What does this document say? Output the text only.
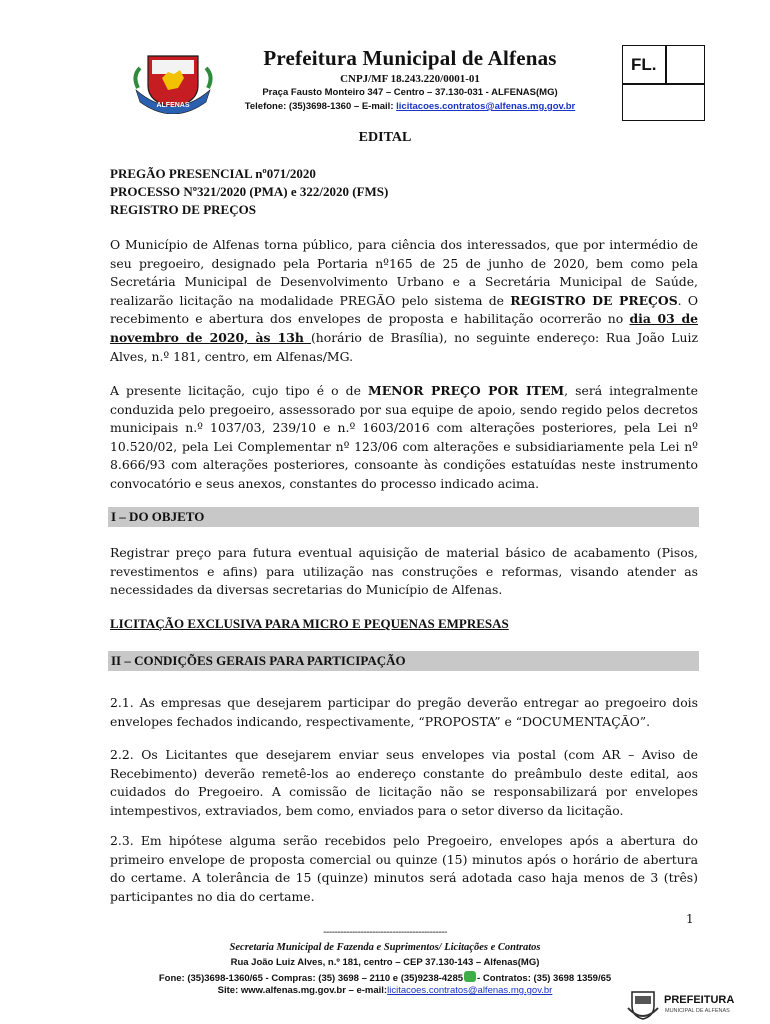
ALFENAS
Prefeitura Municipal de Alfenas
CNPJ/MF 18.243.220/0001-01
Praça Fausto Monteiro 347 – Centro – 37.130-031 - ALFENAS(MG)
Telefone: (35)3698-1360 – E-mail: licitacoes.contratos@alfenas.mg.gov.br
FL.
EDITAL
PREGÃO PRESENCIAL nº071/2020
PROCESSO Nº321/2020 (PMA) e 322/2020 (FMS)
REGISTRO DE PREÇOS
O Município de Alfenas torna público, para ciência dos interessados, que por intermédio de seu pregoeiro, designado pela Portaria nº165 de 25 de junho de 2020, bem como pela Secretária Municipal de Desenvolvimento Urbano e a Secretária Municipal de Saúde, realizarão licitação na modalidade PREGÃO pelo sistema de REGISTRO DE PREÇOS. O recebimento e abertura dos envelopes de proposta e habilitação ocorrerão no dia 03 de novembro de 2020, às 13h (horário de Brasília), no seguinte endereço: Rua João Luiz Alves, n.º 181, centro, em Alfenas/MG.
A presente licitação, cujo tipo é o de MENOR PREÇO POR ITEM, será integralmente conduzida pelo pregoeiro, assessorado por sua equipe de apoio, sendo regido pelos decretos municipais n.º 1037/03, 239/10 e n.º 1603/2016 com alterações posteriores, pela Lei nº 10.520/02, pela Lei Complementar nº 123/06 com alterações e subsidiariamente pela Lei nº 8.666/93 com alterações posteriores, consoante às condições estatuídas neste instrumento convocatório e seus anexos, constantes do processo indicado acima.
I – DO OBJETO
Registrar preço para futura eventual aquisição de material básico de acabamento (Pisos, revestimentos e afins) para utilização nas construções e reformas, visando atender as necessidades da diversas secretarias do Município de Alfenas.
LICITAÇÃO EXCLUSIVA PARA MICRO E PEQUENAS EMPRESAS
II – CONDIÇÕES GERAIS PARA PARTICIPAÇÃO
2.1. As empresas que desejarem participar do pregão deverão entregar ao pregoeiro dois envelopes fechados indicando, respectivamente, “PROPOSTA” e “DOCUMENTAÇÃO”.
2.2. Os Licitantes que desejarem enviar seus envelopes via postal (com AR – Aviso de Recebimento) deverão remetê-los ao endereço constante do preâmbulo deste edital, aos cuidados do Pregoeiro. A comissão de licitação não se responsabilizará por envelopes intempestivos, extraviados, bem como, enviados para o setor diverso da licitação.
2.3. Em hipótese alguma serão recebidos pelo Pregoeiro, envelopes após a abertura do primeiro envelope de proposta comercial ou quinze (15) minutos após o horário de abertura do certame. A tolerância de 15 (quinze) minutos será adotada caso haja menos de 3 (três) participantes no dia do certame.
1
-------------------------------------------
Secretaria Municipal de Fazenda e Suprimentos/ Licitações e Contratos
Rua João Luiz Alves, n.º 181, centro – CEP 37.130-143 – Alfenas(MG)
Fone: (35)3698-1360/65 - Compras: (35) 3698 – 2110 e (35)9238-4285 - Contratos: (35) 3698 1359/65
Site: www.alfenas.mg.gov.br – e-mail:licitacoes.contratos@alfenas.mg.gov.br
PREFEITURA
MUNICIPAL DE ALFENAS
